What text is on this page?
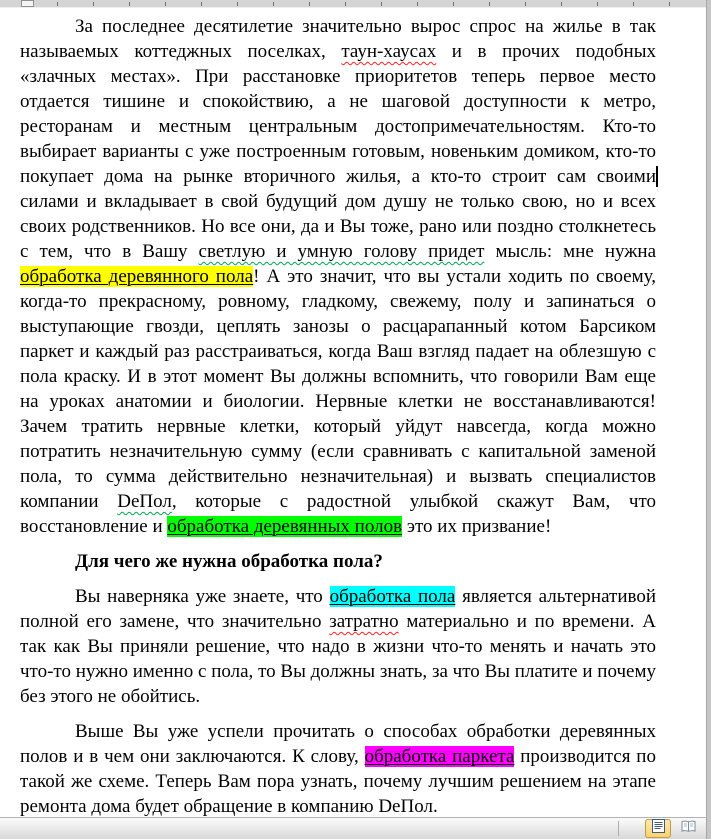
За последнее десятилетие значительно вырос спрос на жилье в так называемых коттеджных поселках, таун-хаусах и в прочих подобных «злачных местах». При расстановке приоритетов теперь первое место отдается тишине и спокойствию, а не шаговой доступности к метро, ресторанам и местным центральным достопримечательностям. Кто-то выбирает варианты с уже построенным готовым, новеньким домиком, кто-то покупает дома на рынке вторичного жилья, а кто-то строит сам своими силами и вкладывает в свой будущий дом душу не только свою, но и всех своих родственников. Но все они, да и Вы тоже, рано или поздно столкнетесь с тем, что в Вашу светлую и умную голову придет мысль: мне нужна обработка деревянного пола! А это значит, что вы устали ходить по своему, когда-то прекрасному, ровному, гладкому, свежему, полу и запинаться о выступающие гвозди, цеплять занозы о расцарапанный котом Барсиком паркет и каждый раз расстраиваться, когда Ваш взгляд падает на облезшую с пола краску. И в этот момент Вы должны вспомнить, что говорили Вам еще на уроках анатомии и биологии. Нервные клетки не восстанавливаются! Зачем тратить нервные клетки, который уйдут навсегда, когда можно потратить незначительную сумму (если сравнивать с капитальной заменой пола, то сумма действительно незначительная) и вызвать специалистов компании DеПол, которые с радостной улыбкой скажут Вам, что восстановление и обработка деревянных полов это их призвание!

Для чего же нужна обработка пола?

Вы наверняка уже знаете, что обработка пола является альтернативой полной его замене, что значительно затратно материально и по времени. А так как Вы приняли решение, что надо в жизни что-то менять и начать это что-то нужно именно с пола, то Вы должны знать, за что Вы платите и почему без этого не обойтись.

Выше Вы уже успели прочитать о способах обработки деревянных полов и в чем они заключаются. К слову, обработка паркета производится по такой же схеме. Теперь Вам пора узнать, почему лучшим решением на этапе ремонта дома будет обращение в компанию DеПол.
